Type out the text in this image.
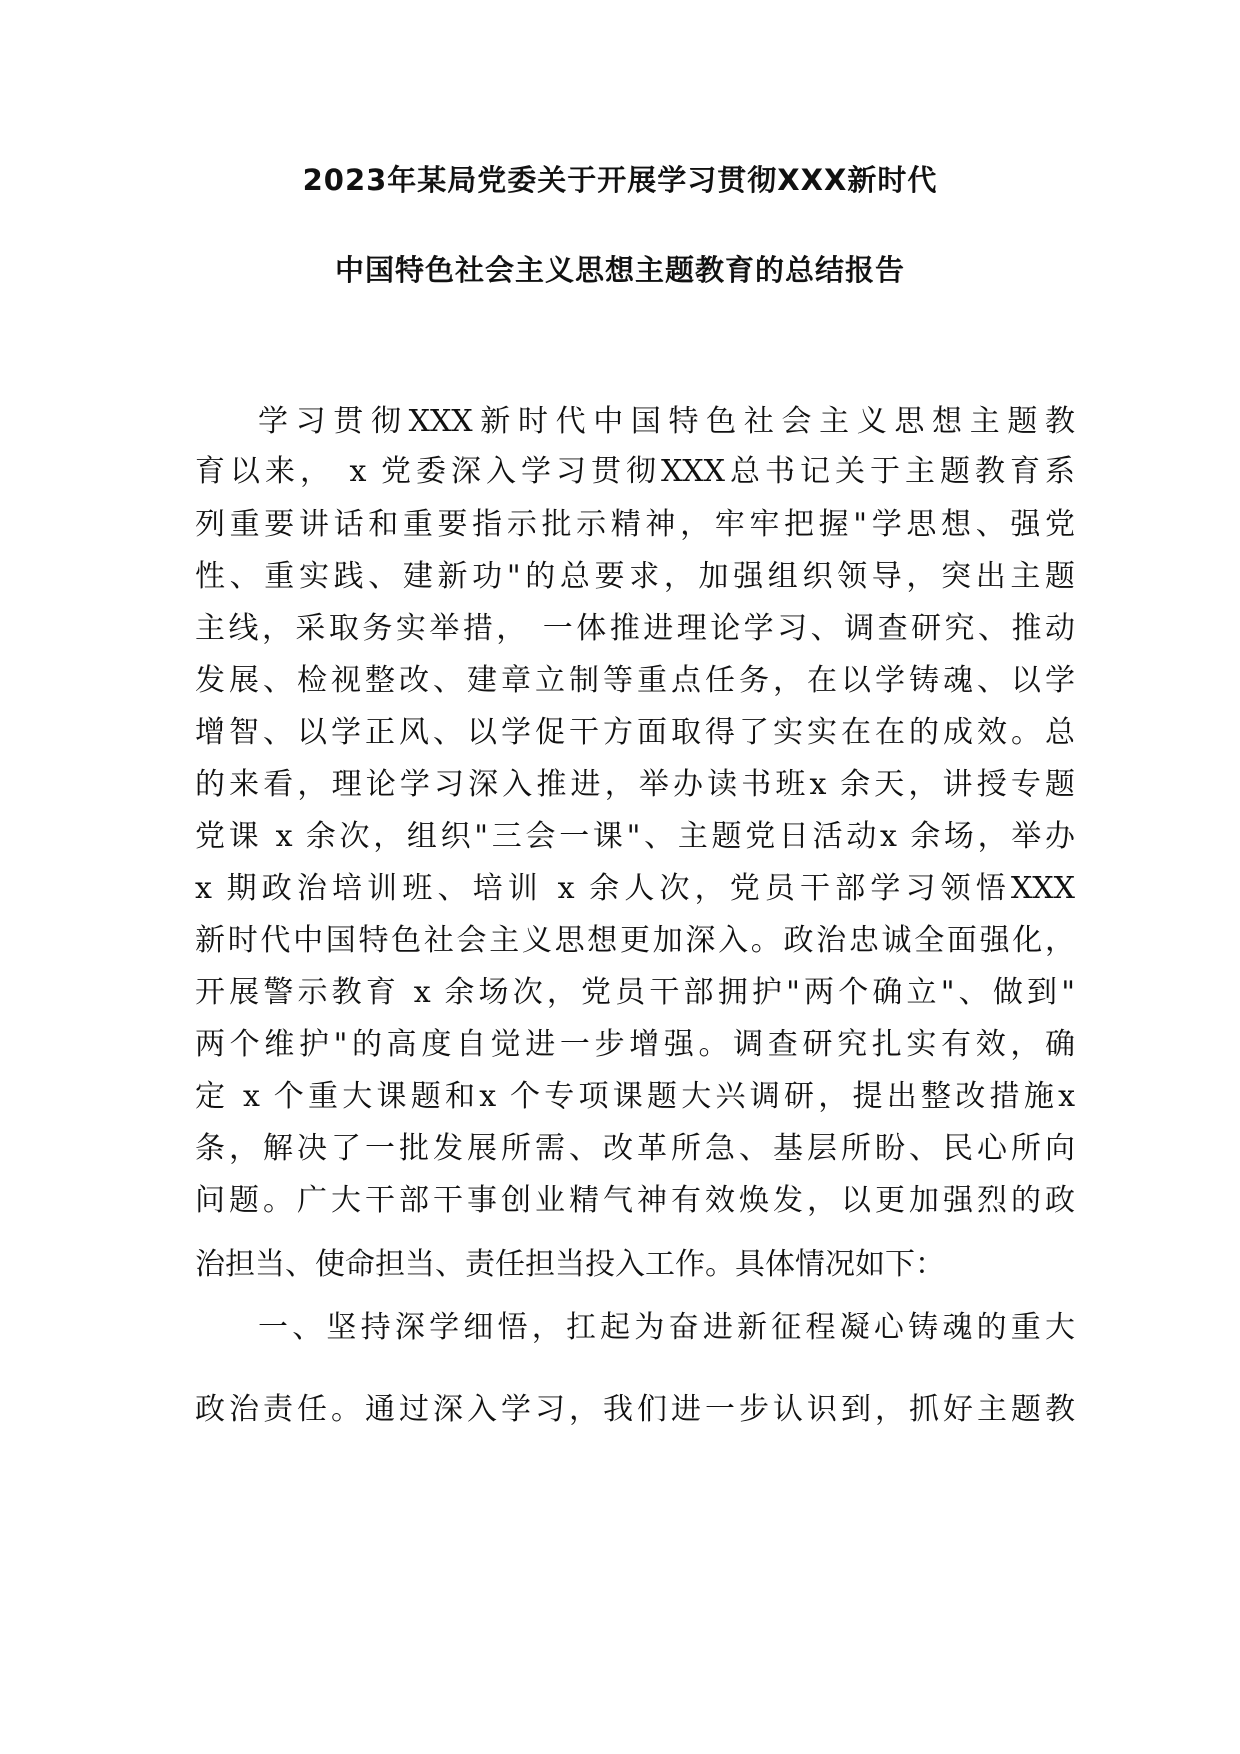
2023年某局党委关于开展学习贯彻XXX新时代
中国特色社会主义思想主题教育的总结报告

学习贯彻XXX新时代中国特色社会主义思想主题教

育以来， x 党委深入学习贯彻XXX总书记关于主题教育系

列重要讲话和重要指示批示精神，牢牢把握"学思想、强党

性、重实践、建新功"的总要求，加强组织领导，突出主题

主线，采取务实举措， 一体推进理论学习、调查研究、推动

发展、检视整改、建章立制等重点任务，在以学铸魂、以学

增智、以学正风、以学促干方面取得了实实在在的成效。总

的来看，理论学习深入推进，举办读书班x 余天，讲授专题

党课 x 余次，组织"三会一课"、主题党日活动x 余场，举办

x 期政治培训班、培训 x 余人次，党员干部学习领悟XXX

新时代中国特色社会主义思想更加深入。政治忠诚全面强化，

开展警示教育 x 余场次，党员干部拥护"两个确立"、做到"

两个维护"的高度自觉进一步增强。调查研究扎实有效，确

定 x 个重大课题和x 个专项课题大兴调研，提出整改措施x

条，解决了一批发展所需、改革所急、基层所盼、民心所向

问题。广大干部干事创业精气神有效焕发，以更加强烈的政

治担当、使命担当、责任担当投入工作。具体情况如下：

一、坚持深学细悟，扛起为奋进新征程凝心铸魂的重大

政治责任。通过深入学习，我们进一步认识到，抓好主题教
